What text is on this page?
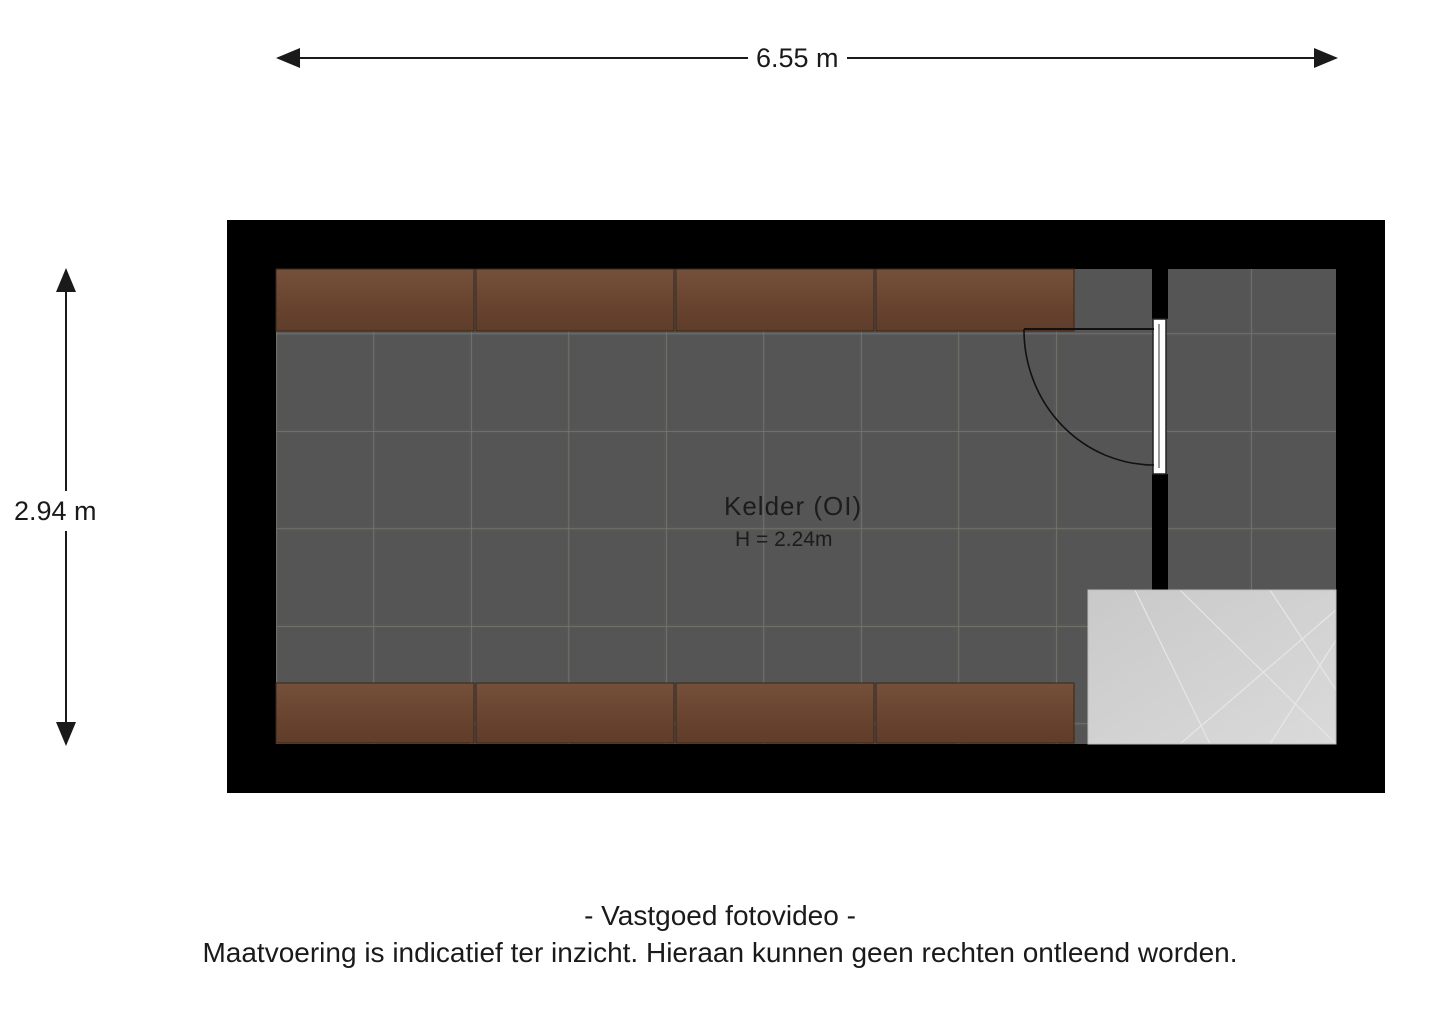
6.55 m
2.94 m	Kelder (OI)
H = 2.24m
- Vastgoed fotovideo -
Maatvoering is indicatief ter inzicht. Hieraan kunnen geen rechten ontleend worden.
